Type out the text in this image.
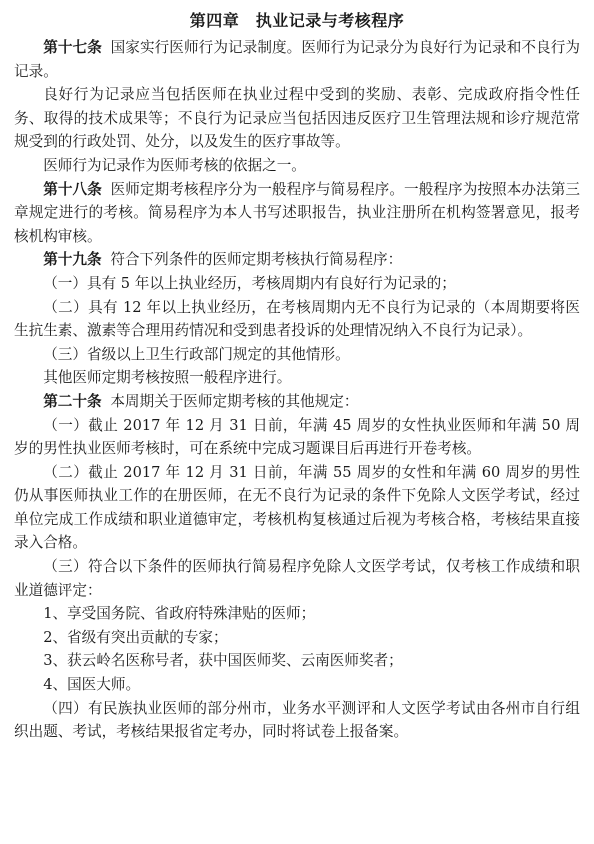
第四章　执业记录与考核程序

第十七条 国家实行医师行为记录制度。医师行为记录分为良好行为记录和不良行为记录。

良好行为记录应当包括医师在执业过程中受到的奖励、表彰、完成政府指令性任务、取得的技术成果等；不良行为记录应当包括因违反医疗卫生管理法规和诊疗规范常规受到的行政处罚、处分，以及发生的医疗事故等。

医师行为记录作为医师考核的依据之一。

第十八条 医师定期考核程序分为一般程序与简易程序。一般程序为按照本办法第三章规定进行的考核。简易程序为本人书写述职报告，执业注册所在机构签署意见，报考核机构审核。

第十九条 符合下列条件的医师定期考核执行简易程序：

（一）具有 5 年以上执业经历，考核周期内有良好行为记录的；

（二）具有 12 年以上执业经历，在考核周期内无不良行为记录的（本周期要将医生抗生素、激素等合理用药情况和受到患者投诉的处理情况纳入不良行为记录）。

（三）省级以上卫生行政部门规定的其他情形。

其他医师定期考核按照一般程序进行。

第二十条 本周期关于医师定期考核的其他规定：

（一）截止 2017 年 12 月 31 日前，年满 45 周岁的女性执业医师和年满 50 周岁的男性执业医师考核时，可在系统中完成习题课目后再进行开卷考核。

（二）截止 2017 年 12 月 31 日前，年满 55 周岁的女性和年满 60 周岁的男性仍从事医师执业工作的在册医师，在无不良行为记录的条件下免除人文医学考试，经过单位完成工作成绩和职业道德审定，考核机构复核通过后视为考核合格，考核结果直接录入合格。

（三）符合以下条件的医师执行简易程序免除人文医学考试，仅考核工作成绩和职业道德评定：

1、享受国务院、省政府特殊津贴的医师；

2、省级有突出贡献的专家；

3、获云岭名医称号者，获中国医师奖、云南医师奖者；

4、国医大师。

（四）有民族执业医师的部分州市，业务水平测评和人文医学考试由各州市自行组织出题、考试，考核结果报省定考办，同时将试卷上报备案。
